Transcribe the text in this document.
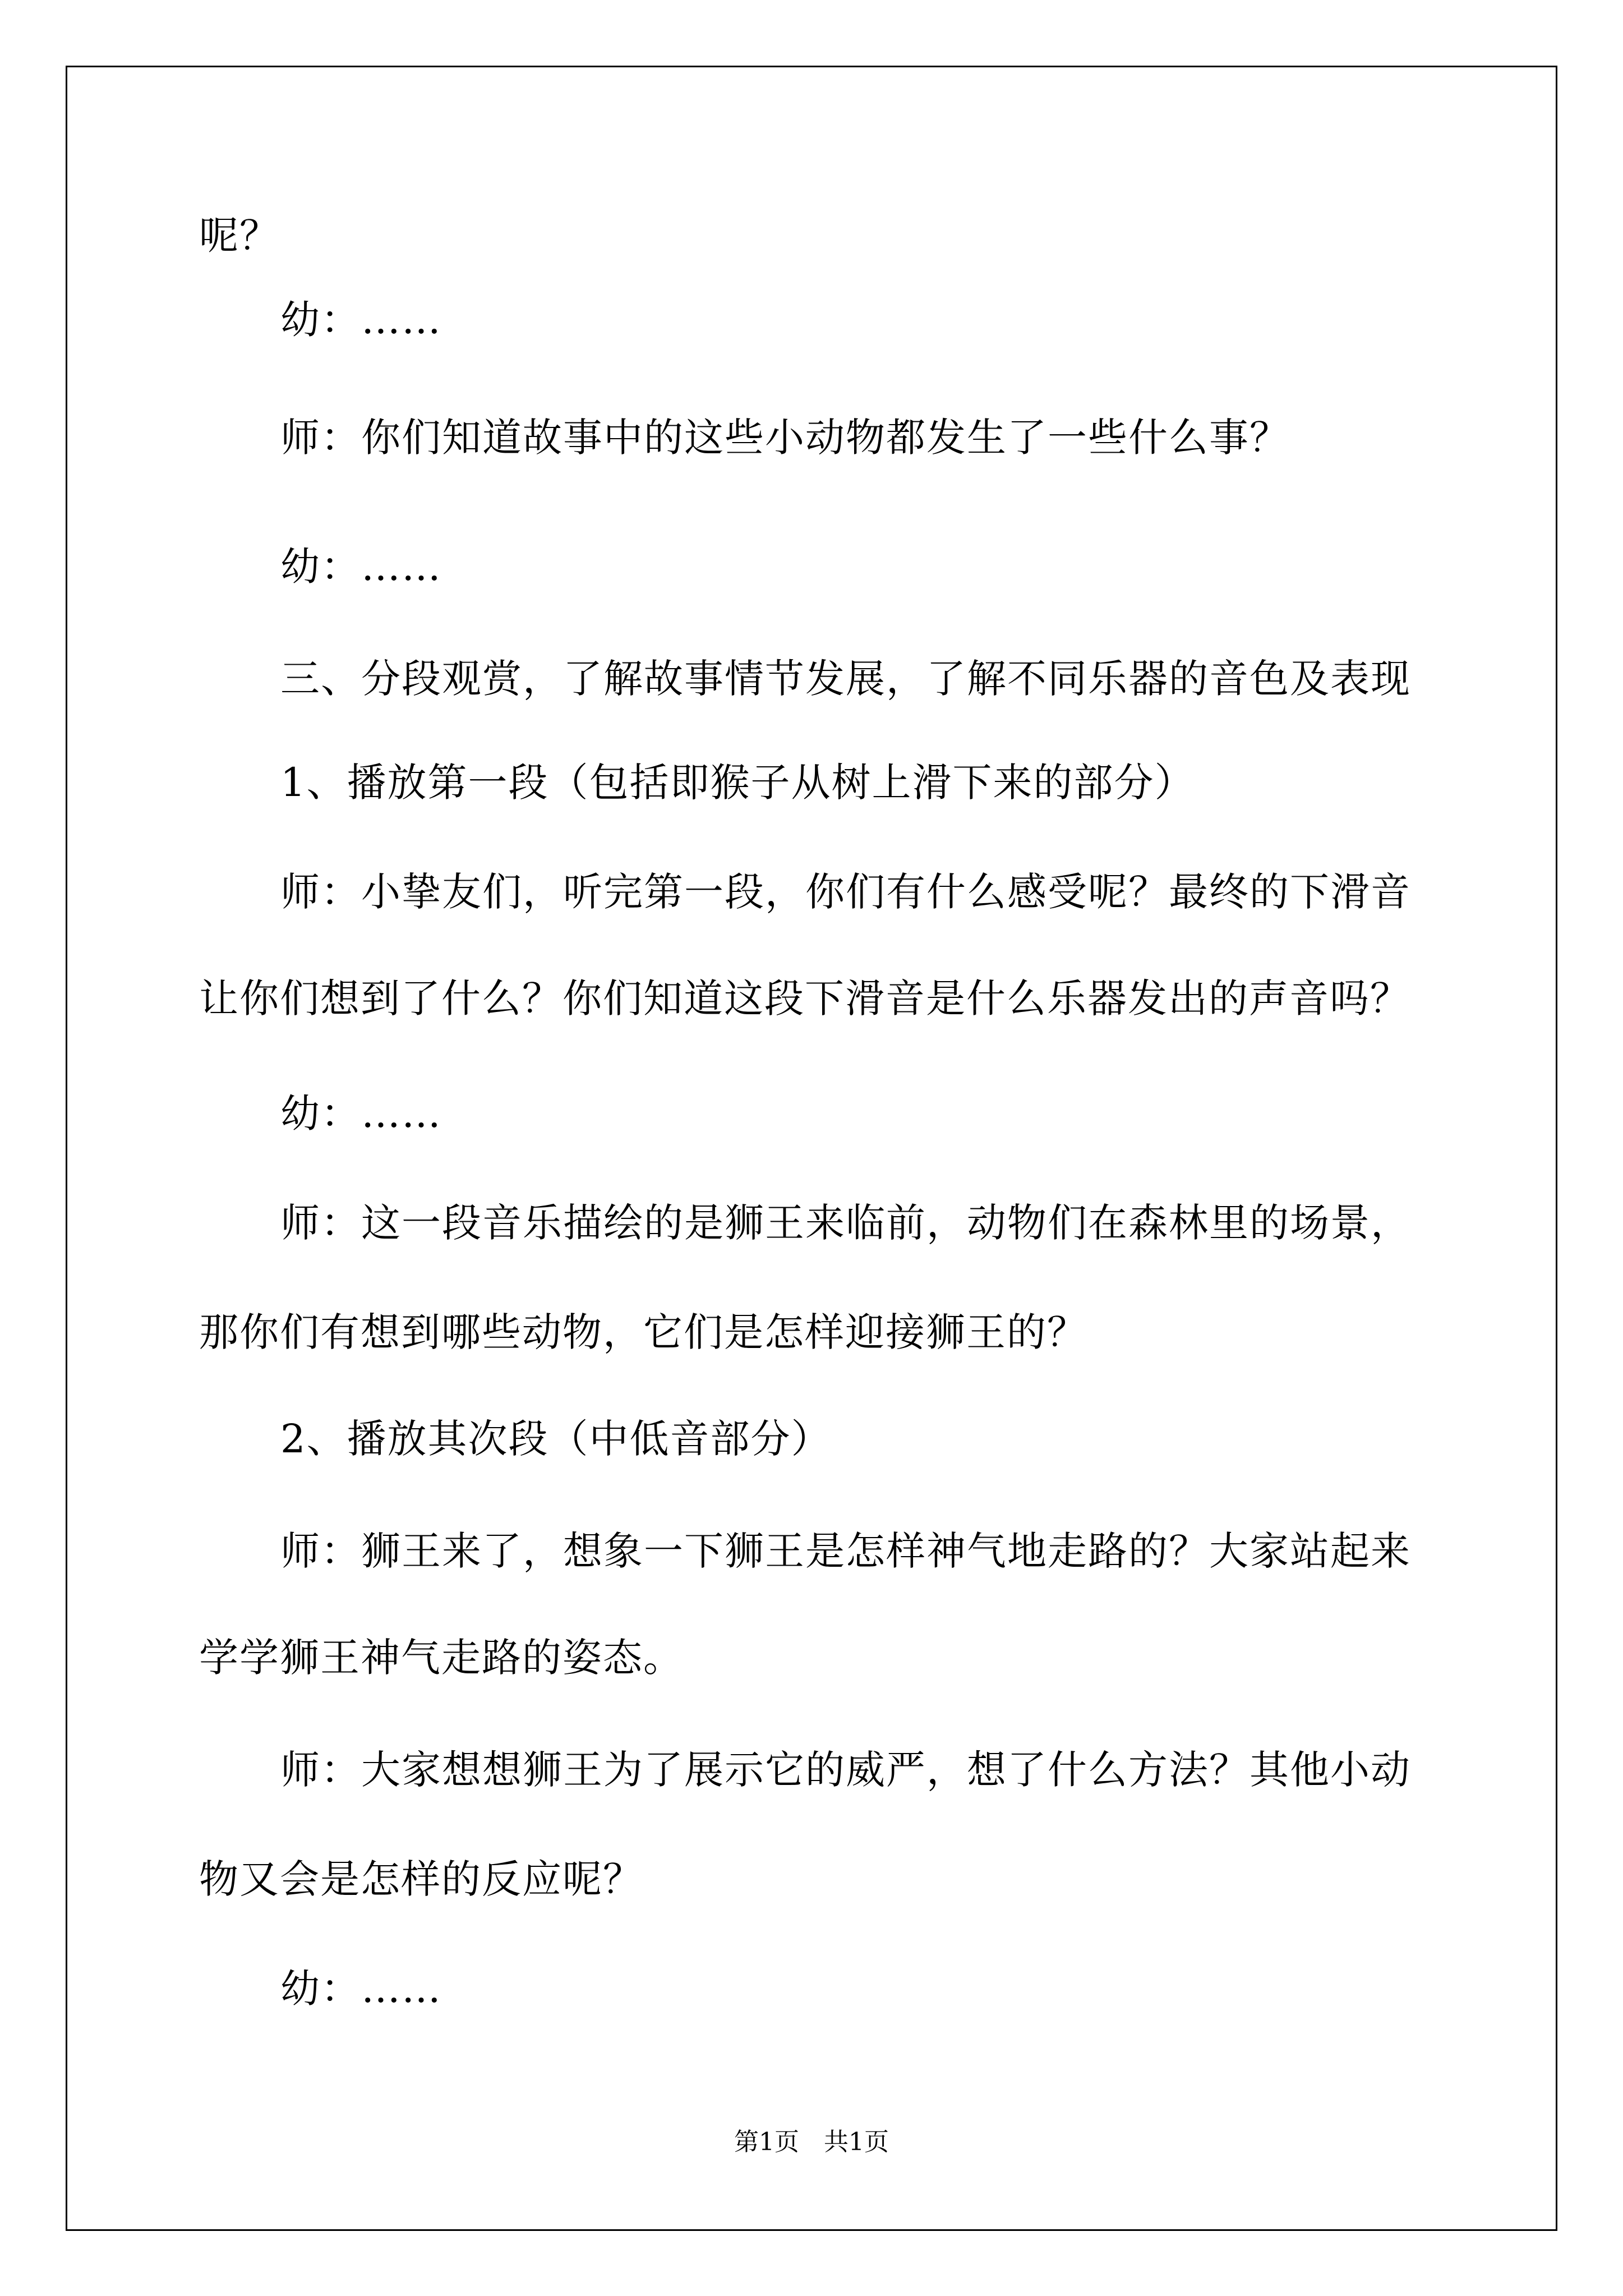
呢？
幼：……
师：你们知道故事中的这些小动物都发生了一些什么事？
幼：……
三、分段观赏，了解故事情节发展，了解不同乐器的音色及表现
1、播放第一段（包括即猴子从树上滑下来的部分）
师：小挚友们，听完第一段，你们有什么感受呢？最终的下滑音
让你们想到了什么？你们知道这段下滑音是什么乐器发出的声音吗？
幼：……
师：这一段音乐描绘的是狮王来临前，动物们在森林里的场景，
那你们有想到哪些动物，它们是怎样迎接狮王的？
2、播放其次段（中低音部分）
师：狮王来了，想象一下狮王是怎样神气地走路的？大家站起来
学学狮王神气走路的姿态。
师：大家想想狮王为了展示它的威严，想了什么方法？其他小动
物又会是怎样的反应呢？
幼：……
第1页　共1页
